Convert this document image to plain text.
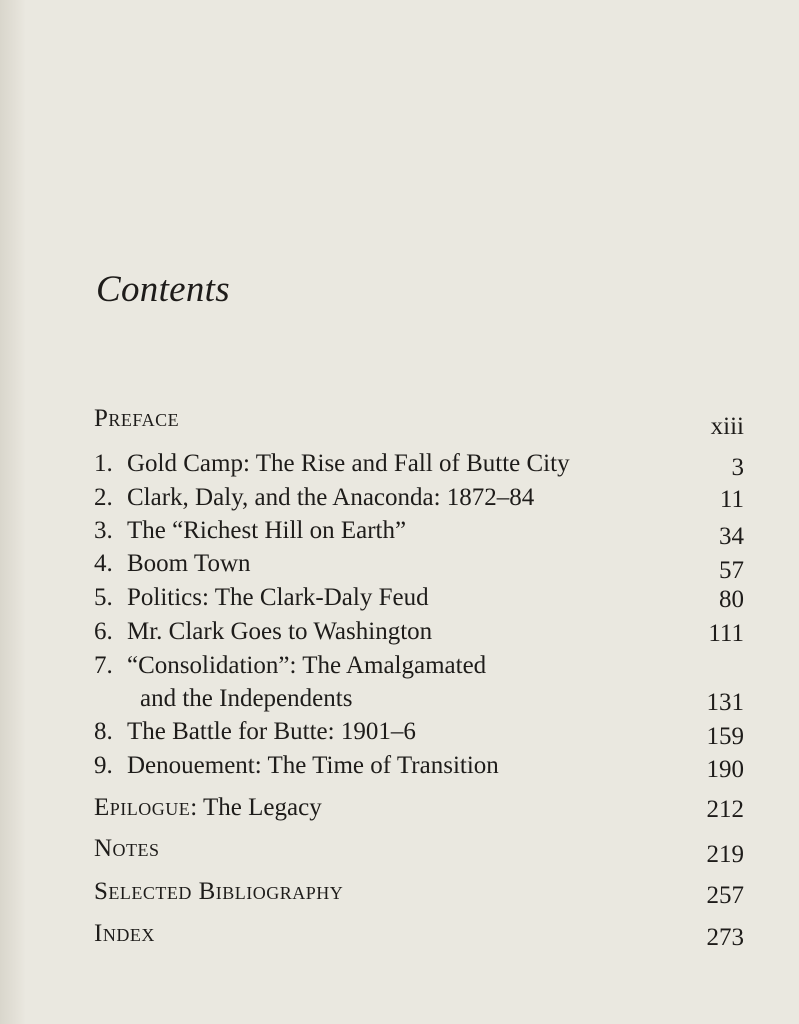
Contents
Preface	xiii
1. Gold Camp: The Rise and Fall of Butte City	3
2. Clark, Daly, and the Anaconda: 1872–84	11
3. The “Richest Hill on Earth”	34
4. Boom Town	57
5. Politics: The Clark-Daly Feud	80
6. Mr. Clark Goes to Washington	111
7. “Consolidation”: The Amalgamated
and the Independents	131
8. The Battle for Butte: 1901–6	159
9. Denouement: The Time of Transition	190
Epilogue: The Legacy	212
Notes	219
Selected Bibliography	257
Index	273
